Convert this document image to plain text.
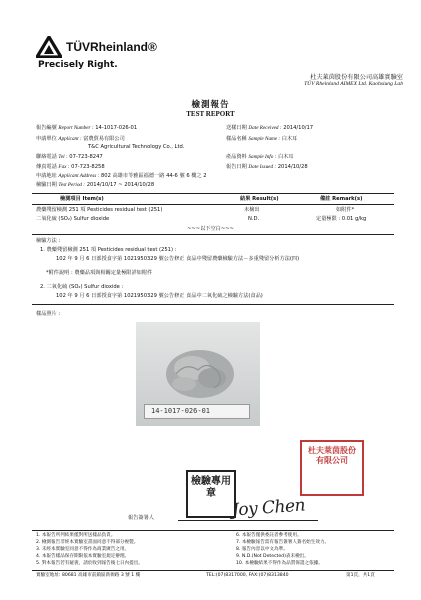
TÜVRheinland®
Precisely Right.
杜夫萊茵股份有限公司高雄實驗室
TÜV Rheinland AIMEX Ltd. Kaohsiung Lab
檢測報告
TEST REPORT
報告編號 Report Number : 14-1017-026-01	送樣日期 Date Received : 2014/10/17
申請單位 Applicant : 富農貿易有限公司	樣品名稱 Sample Name : 白木耳
T&C Agricultural Technology Co., Ltd.
聯絡電話 Tel : 07-723-8247	產品資料 Sample Info : 白木耳
傳真電話 Fax : 07-723-8258	報告日期 Date Issued : 2014/10/28
申請地址 Applicant Address : 802 高雄市苓雅區福德一路 44-6 號 6 樓之 2
檢驗日期 Test Period : 2014/10/17 ~ 2014/10/28
檢測項目 Item(s)	結果 Result(s)	備註 Remark(s)
農藥殘留檢測 251 項 Pesticides residual test (251)	未檢出	如附件*
二氧化硫 (SO₂) Sulfur dioxide	N.D.	定量極限 : 0.01 g/kg
~~~以下空白~~~
檢驗方法 :
1. 農藥殘留檢測 251 項 Pesticides residual test (251) :
102 年 9 月 6 日部授食字第 1021950329 號公告修正 食品中殘留農藥檢驗方法－多重殘留分析方法(四)
*附件說明 : 農藥品項與相關定量極限詳如附件
2. 二氧化硫 (SO₂) Sulfur dioxide :
102 年 9 月 6 日部授食字第 1021950329 號公告修正 食品中二氧化硫之檢驗方法(食品)
樣品照片 :
14-1017-026-01
杜夫萊茵股份有限公司
檢驗專用章
Joy Chen
報告簽署人
1. 本報告所列結果僅對所送樣品負責。
2. 檢測報告非經本實驗室書面同意不得部分複製。
3. 未經本實驗室同意不得作為商業廣告之用。
4. 本報告樣品保存期限依本實驗室規定辦理。
5. 對本報告若有疑義，請於收到報告後七日內提出。
6. 本報告僅供委託者參考使用。
7. 本檢驗報告需有報告簽署人簽名始生效力。
8. 報告內容以中文為準。
9. N.D.(Not Detected)表未檢出。
10. 本檢驗結果不得作為品質保證之依據。
實驗室地址: 80681 高雄市前鎮區新衙路 3 號 1 樓	TEL:(07)8317000, FAX:(07)8313840	第1頁，共1頁
